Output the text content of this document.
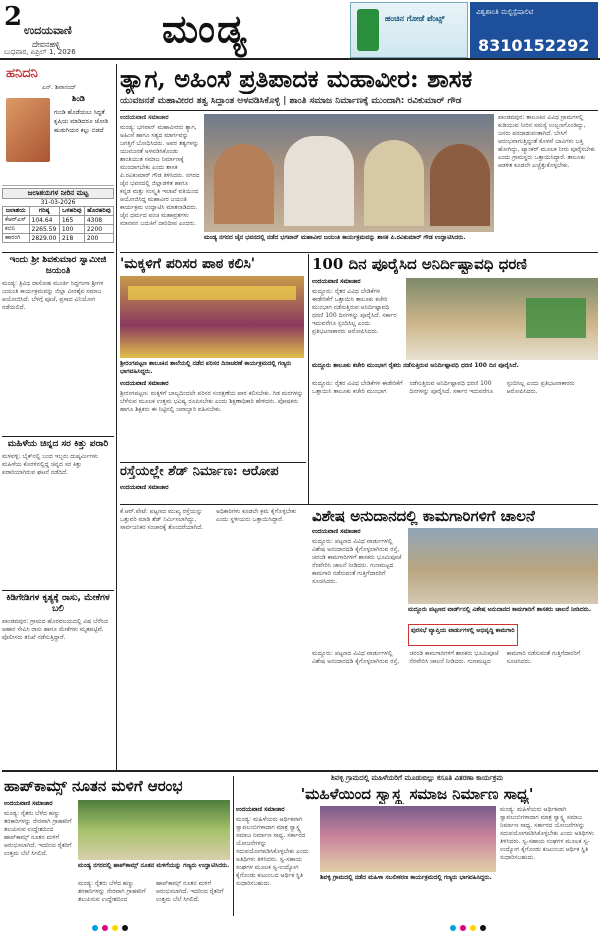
2 ಉದಯವಾಣಿ
ದೇವನಹಳ್ಳಿ
ಬುಧವಾರ, ಏಪ್ರಿಲ್ 1, 2026
ಮಂಡ್ಯ	ಹಂಚಿನ ಗೋಡೆ ಪೆಂಟ್ಸ್
ವಿಶ್ವಶಾಂತಿ ಮಲ್ಟಿಸ್ಪೆಷಾಲಿಟಿ
8310152292
ಹನಿದನಿ
ಎನ್. ಶಿವಾನಂದ್
ಶಿಂಡಿ
ಗುಂಡಿ ಹೊಡೆಯಲು ಸಿದ್ಧತೆ ಕೃಷಿಯ ಮಾಡಿದರೂ ಜೋಡಿ ಹುಡುಗಿಯರ ಕಲ್ಲು ಬಿಡದೆ
ಜಲಾಶಯಗಳ ನೀರಿನ ಮಟ್ಟ
31-03-2026
ಜಲಾಶಯ	ಗರಿಷ್ಠ	ಒಳಹರಿವು	ಹೊರಹರಿವು
ಕೆಆರ್‌ಎಸ್	104.64	165	4308
ಕಬಿನಿ	2265.59	100	2200
ಹಾರಂಗಿ	2829.00	218	200
ಇಂದು ಶ್ರೀ ಶಿವಕುಮಾರ ಸ್ವಾಮೀಜಿ ಜಯಂತಿ
ಮಂಡ್ಯ: ತ್ರಿವಿಧ ದಾಸೋಹ ಮೂರ್ತಿ ಸಿದ್ದಗಂಗಾ ಶ್ರೀಗಳ ಜಯಂತಿ ಕಾರ್ಯಕ್ರಮವನ್ನು ಜಿಲ್ಲಾ ವೀರಶೈವ ಸಮಾಜ ಆಯೋಜಿಸಿದೆ. ಬೆಳಗ್ಗೆ ಪೂಜೆ, ಪ್ರಸಾದ ವಿನಿಯೋಗ ನಡೆಯಲಿದೆ.
ಮಹಿಳೆಯ ಚಿನ್ನದ ಸರ ಕಿತ್ತು ಪರಾರಿ
ಮಳವಳ್ಳಿ: ಬೈಕ್‌ನಲ್ಲಿ ಬಂದ ಇಬ್ಬರು ದುಷ್ಕರ್ಮಿಗಳು ಮಹಿಳೆಯ ಕೊರಳಿನಲ್ಲಿದ್ದ ಚಿನ್ನದ ಸರ ಕಿತ್ತು ಪರಾರಿಯಾಗಿರುವ ಘಟನೆ ನಡೆದಿದೆ.
ಕಿಡಿಗೇಡಿಗಳ ಕೃತ್ಯಕ್ಕೆ ರಾಸು, ಮೇಕೆಗಳ ಬಲಿ
ಪಾಂಡವಪುರ: ಗ್ರಾಮದ ಹೊರವಲಯದಲ್ಲಿ ವಿಷ ಬೆರೆಸಿದ ಆಹಾರ ಸೇವಿಸಿ ರಾಸು ಹಾಗೂ ಮೇಕೆಗಳು ಮೃತಪಟ್ಟಿವೆ. ಪೊಲೀಸರು ತನಿಖೆ ನಡೆಸುತ್ತಿದ್ದಾರೆ.
ತ್ಯಾಗ, ಅಹಿಂಸೆ ಪ್ರತಿಪಾದಕ ಮಹಾವೀರ: ಶಾಸಕ
ಯುವಜನತೆ ಮಹಾವೀರರ ತತ್ವ ಸಿದ್ಧಾಂತ ಅಳವಡಿಸಿಕೊಳ್ಳಿ | ಶಾಂತಿ ಸಮಾಜ ನಿರ್ಮಾಣಕ್ಕೆ ಮುಂದಾಗಿ: ರವಿಕುಮಾರ್ ಗೌಡ
ಉದಯವಾಣಿ ಸಮಾಚಾರ
ಮಂಡ್ಯ: ಭಗವಾನ್ ಮಹಾವೀರರು ತ್ಯಾಗ, ಅಹಿಂಸೆ ಹಾಗೂ ಸತ್ಯದ ಮಾರ್ಗವನ್ನು ಜಗತ್ತಿಗೆ ಬೋಧಿಸಿದರು. ಅವರ ತತ್ವಗಳನ್ನು ಯುವಜನತೆ ಅಳವಡಿಸಿಕೊಂಡು ಶಾಂತಿಯುತ ಸಮಾಜ ನಿರ್ಮಾಣಕ್ಕೆ ಮುಂದಾಗಬೇಕು ಎಂದು ಶಾಸಕ ಪಿ.ರವಿಕುಮಾರ್ ಗೌಡ ತಿಳಿಸಿದರು. ನಗರದ ಜೈನ ಭವನದಲ್ಲಿ ಜಿಲ್ಲಾಡಳಿತ ಹಾಗೂ ಕನ್ನಡ ಮತ್ತು ಸಂಸ್ಕೃತಿ ಇಲಾಖೆ ವತಿಯಿಂದ ಆಯೋಜಿಸಿದ್ದ ಮಹಾವೀರ ಜಯಂತಿ ಕಾರ್ಯಕ್ರಮ ಉದ್ಘಾಟಿಸಿ ಮಾತನಾಡಿದರು. ಜೈನ ಧರ್ಮದ ಪಂಚ ಮಹಾವ್ರತಗಳು ಮಾನವನ ಬದುಕಿಗೆ ದಾರಿದೀಪ ಎಂದರು.
ಮಂಡ್ಯ ನಗರದ ಜೈನ ಭವನದಲ್ಲಿ ನಡೆದ ಭಗವಾನ್ ಮಹಾವೀರ ಜಯಂತಿ ಕಾರ್ಯಕ್ರಮವನ್ನು ಶಾಸಕ ಪಿ.ರವಿಕುಮಾರ್ ಗೌಡ ಉದ್ಘಾಟಿಸಿದರು.
ಪಾಂಡವಪುರ: ತಾಲೂಕಿನ ವಿವಿಧ ಗ್ರಾಮಗಳಲ್ಲಿ ಕುಡಿಯುವ ನೀರಿನ ಸಮಸ್ಯೆ ಉಲ್ಬಣಗೊಂಡಿದ್ದು, ಜನರು ಪರದಾಡುವಂತಾಗಿದೆ. ಬೇಸಿಗೆ ಆರಂಭವಾಗುತ್ತಿದ್ದಂತೆ ಕೊಳವೆ ಬಾವಿಗಳು ಬತ್ತಿ ಹೋಗಿದ್ದು, ಟ್ಯಾಂಕರ್ ಮೂಲಕ ನೀರು ಪೂರೈಸಬೇಕು ಎಂದು ಗ್ರಾಮಸ್ಥರು ಒತ್ತಾಯಿಸಿದ್ದಾರೆ. ತಾಲೂಕು ಆಡಳಿತ ಕೂಡಲೇ ಎಚ್ಚೆತ್ತುಕೊಳ್ಳಬೇಕು.
'ಮಕ್ಕಳಿಗೆ ಪರಿಸರ ಪಾಠ ಕಲಿಸಿ'
ಶ್ರೀರಂಗಪಟ್ಟಣ ತಾಲೂಕಿನ ಶಾಲೆಯಲ್ಲಿ ನಡೆದ ಪರಿಸರ ದಿನಾಚರಣೆ ಕಾರ್ಯಕ್ರಮದಲ್ಲಿ ಗಣ್ಯರು ಭಾಗವಹಿಸಿದ್ದರು.
ಉದಯವಾಣಿ ಸಮಾಚಾರ
ಶ್ರೀರಂಗಪಟ್ಟಣ: ಮಕ್ಕಳಿಗೆ ಬಾಲ್ಯದಿಂದಲೇ ಪರಿಸರ ಸಂರಕ್ಷಣೆಯ ಪಾಠ ಕಲಿಸಬೇಕು. ಗಿಡ ಮರಗಳನ್ನು ಬೆಳೆಸುವ ಮೂಲಕ ಉತ್ತಮ ಭವಿಷ್ಯ ರೂಪಿಸಬೇಕು ಎಂದು ಶಿಕ್ಷಣಾಧಿಕಾರಿ ಹೇಳಿದರು. ಪೋಷಕರು ಹಾಗೂ ಶಿಕ್ಷಕರು ಈ ನಿಟ್ಟಿನಲ್ಲಿ ಜವಾಬ್ದಾರಿ ವಹಿಸಬೇಕು.
100 ದಿನ ಪೂರೈಸಿದ ಅನಿರ್ದಿಷ್ಟಾವಧಿ ಧರಣಿ
ಉದಯವಾಣಿ ಸಮಾಚಾರ
ಮದ್ದೂರು: ರೈತರ ವಿವಿಧ ಬೇಡಿಕೆಗಳ ಈಡೇರಿಕೆಗೆ ಒತ್ತಾಯಿಸಿ ತಾಲೂಕು ಕಚೇರಿ ಮುಂಭಾಗ ನಡೆಸುತ್ತಿರುವ ಅನಿರ್ದಿಷ್ಟಾವಧಿ ಧರಣಿ 100 ದಿನಗಳನ್ನು ಪೂರೈಸಿದೆ. ಸರ್ಕಾರ ಇದುವರೆಗೂ ಸ್ಪಂದಿಸಿಲ್ಲ ಎಂದು ಪ್ರತಿಭಟನಾಕಾರರು ಆರೋಪಿಸಿದರು.
ಮದ್ದೂರು ತಾಲೂಕು ಕಚೇರಿ ಮುಂಭಾಗ ರೈತರು ನಡೆಸುತ್ತಿರುವ ಅನಿರ್ದಿಷ್ಟಾವಧಿ ಧರಣಿ 100 ದಿನ ಪೂರೈಸಿದೆ.
ಮದ್ದೂರು: ರೈತರ ವಿವಿಧ ಬೇಡಿಕೆಗಳ ಈಡೇರಿಕೆಗೆ ಒತ್ತಾಯಿಸಿ ತಾಲೂಕು ಕಚೇರಿ ಮುಂಭಾಗ ನಡೆಸುತ್ತಿರುವ ಅನಿರ್ದಿಷ್ಟಾವಧಿ ಧರಣಿ 100 ದಿನಗಳನ್ನು ಪೂರೈಸಿದೆ. ಸರ್ಕಾರ ಇದುವರೆಗೂ ಸ್ಪಂದಿಸಿಲ್ಲ ಎಂದು ಪ್ರತಿಭಟನಾಕಾರರು ಆರೋಪಿಸಿದರು.
ರಸ್ತೆಯಲ್ಲೇ ಶೆಡ್ ನಿರ್ಮಾಣ: ಆರೋಪ
ಉದಯವಾಣಿ ಸಮಾಚಾರ
ಕೆ.ಆರ್.ಪೇಟೆ: ಪಟ್ಟಣದ ಮುಖ್ಯ ರಸ್ತೆಯನ್ನು ಒತ್ತುವರಿ ಮಾಡಿ ಶೆಡ್ ನಿರ್ಮಿಸಲಾಗಿದ್ದು, ಸಾರ್ವಜನಿಕರ ಸಂಚಾರಕ್ಕೆ ತೊಂದರೆಯಾಗಿದೆ. ಅಧಿಕಾರಿಗಳು ಕೂಡಲೇ ಕ್ರಮ ಕೈಗೊಳ್ಳಬೇಕು ಎಂದು ಸ್ಥಳೀಯರು ಒತ್ತಾಯಿಸಿದ್ದಾರೆ.	ವಿಶೇಷ ಅನುದಾನದಲ್ಲಿ ಕಾಮಗಾರಿಗಳಿಗೆ ಚಾಲನೆ
ಉದಯವಾಣಿ ಸಮಾಚಾರ
ಮದ್ದೂರು: ಪಟ್ಟಣದ ವಿವಿಧ ವಾರ್ಡುಗಳಲ್ಲಿ ವಿಶೇಷ ಅನುದಾನದಡಿ ಕೈಗೊಳ್ಳಲಾಗಿರುವ ರಸ್ತೆ, ಚರಂಡಿ ಕಾಮಗಾರಿಗಳಿಗೆ ಶಾಸಕರು ಭೂಮಿಪೂಜೆ ನೆರವೇರಿಸಿ ಚಾಲನೆ ನೀಡಿದರು. ಗುಣಮಟ್ಟದ ಕಾಮಗಾರಿ ನಡೆಸುವಂತೆ ಗುತ್ತಿಗೆದಾರರಿಗೆ ಸೂಚಿಸಿದರು.
ಮದ್ದೂರು ಪಟ್ಟಣದ ವಾರ್ಡ್‌ನಲ್ಲಿ ವಿಶೇಷ ಅನುದಾನದ ಕಾಮಗಾರಿಗೆ ಶಾಸಕರು ಚಾಲನೆ ನೀಡಿದರು.
ಪುರಸಭೆ ವ್ಯಾಪ್ತಿಯ ವಾರ್ಡುಗಳಲ್ಲಿ ಅಭಿವೃದ್ಧಿ ಕಾಮಗಾರಿ
ಮದ್ದೂರು: ಪಟ್ಟಣದ ವಿವಿಧ ವಾರ್ಡುಗಳಲ್ಲಿ ವಿಶೇಷ ಅನುದಾನದಡಿ ಕೈಗೊಳ್ಳಲಾಗಿರುವ ರಸ್ತೆ, ಚರಂಡಿ ಕಾಮಗಾರಿಗಳಿಗೆ ಶಾಸಕರು ಭೂಮಿಪೂಜೆ ನೆರವೇರಿಸಿ ಚಾಲನೆ ನೀಡಿದರು. ಗುಣಮಟ್ಟದ ಕಾಮಗಾರಿ ನಡೆಸುವಂತೆ ಗುತ್ತಿಗೆದಾರರಿಗೆ ಸೂಚಿಸಿದರು.
ಹಾಪ್‌ಕಾಮ್ಸ್ ನೂತನ ಮಳಿಗೆ ಆರಂಭ
ಉದಯವಾಣಿ ಸಮಾಚಾರ
ಮಂಡ್ಯ: ರೈತರು ಬೆಳೆದ ಹಣ್ಣು ತರಕಾರಿಗಳನ್ನು ನೇರವಾಗಿ ಗ್ರಾಹಕರಿಗೆ ತಲುಪಿಸುವ ಉದ್ದೇಶದಿಂದ ಹಾಪ್‌ಕಾಮ್ಸ್ ನೂತನ ಮಳಿಗೆ ಆರಂಭಿಸಲಾಗಿದೆ. ಇದರಿಂದ ರೈತರಿಗೆ ಉತ್ತಮ ಬೆಲೆ ಸಿಗಲಿದೆ.
ಮಂಡ್ಯ ನಗರದಲ್ಲಿ ಹಾಪ್‌ಕಾಮ್ಸ್ ನೂತನ ಮಳಿಗೆಯನ್ನು ಗಣ್ಯರು ಉದ್ಘಾಟಿಸಿದರು.
ಮಂಡ್ಯ: ರೈತರು ಬೆಳೆದ ಹಣ್ಣು ತರಕಾರಿಗಳನ್ನು ನೇರವಾಗಿ ಗ್ರಾಹಕರಿಗೆ ತಲುಪಿಸುವ ಉದ್ದೇಶದಿಂದ ಹಾಪ್‌ಕಾಮ್ಸ್ ನೂತನ ಮಳಿಗೆ ಆರಂಭಿಸಲಾಗಿದೆ. ಇದರಿಂದ ರೈತರಿಗೆ ಉತ್ತಮ ಬೆಲೆ ಸಿಗಲಿದೆ.
ಶಿವಳ್ಳಿ ಗ್ರಾಮದಲ್ಲಿ ಮಹಿಳೆಯರಿಗೆ ಮೂಡುಬಿಲ್ಲು ಕಸೂತಿ ವಿತರಣಾ ಕಾರ್ಯಕ್ರಮ
'ಮಹಿಳೆಯಿಂದ ಸ್ವಾಸ್ಥ್ಯ ಸಮಾಜ ನಿರ್ಮಾಣ ಸಾಧ್ಯ'
ಉದಯವಾಣಿ ಸಮಾಚಾರ
ಮಂಡ್ಯ: ಮಹಿಳೆಯರು ಆರ್ಥಿಕವಾಗಿ ಸ್ವಾವಲಂಬಿಗಳಾದಾಗ ಮಾತ್ರ ಸ್ವಾಸ್ಥ್ಯ ಸಮಾಜ ನಿರ್ಮಾಣ ಸಾಧ್ಯ. ಸರ್ಕಾರದ ಯೋಜನೆಗಳನ್ನು ಸದುಪಯೋಗಪಡಿಸಿಕೊಳ್ಳಬೇಕು ಎಂದು ಅತಿಥಿಗಳು ತಿಳಿಸಿದರು. ಸ್ವ-ಸಹಾಯ ಸಂಘಗಳ ಮೂಲಕ ಸ್ವ-ಉದ್ಯೋಗ ಕೈಗೊಂಡು ಕುಟುಂಬದ ಆರ್ಥಿಕ ಸ್ಥಿತಿ ಸುಧಾರಿಸಬಹುದು.
ಶಿವಳ್ಳಿ ಗ್ರಾಮದಲ್ಲಿ ನಡೆದ ಮಹಿಳಾ ಸಬಲೀಕರಣ ಕಾರ್ಯಕ್ರಮದಲ್ಲಿ ಗಣ್ಯರು ಭಾಗವಹಿಸಿದ್ದರು.
ಮಂಡ್ಯ: ಮಹಿಳೆಯರು ಆರ್ಥಿಕವಾಗಿ ಸ್ವಾವಲಂಬಿಗಳಾದಾಗ ಮಾತ್ರ ಸ್ವಾಸ್ಥ್ಯ ಸಮಾಜ ನಿರ್ಮಾಣ ಸಾಧ್ಯ. ಸರ್ಕಾರದ ಯೋಜನೆಗಳನ್ನು ಸದುಪಯೋಗಪಡಿಸಿಕೊಳ್ಳಬೇಕು ಎಂದು ಅತಿಥಿಗಳು ತಿಳಿಸಿದರು. ಸ್ವ-ಸಹಾಯ ಸಂಘಗಳ ಮೂಲಕ ಸ್ವ-ಉದ್ಯೋಗ ಕೈಗೊಂಡು ಕುಟುಂಬದ ಆರ್ಥಿಕ ಸ್ಥಿತಿ ಸುಧಾರಿಸಬಹುದು.
